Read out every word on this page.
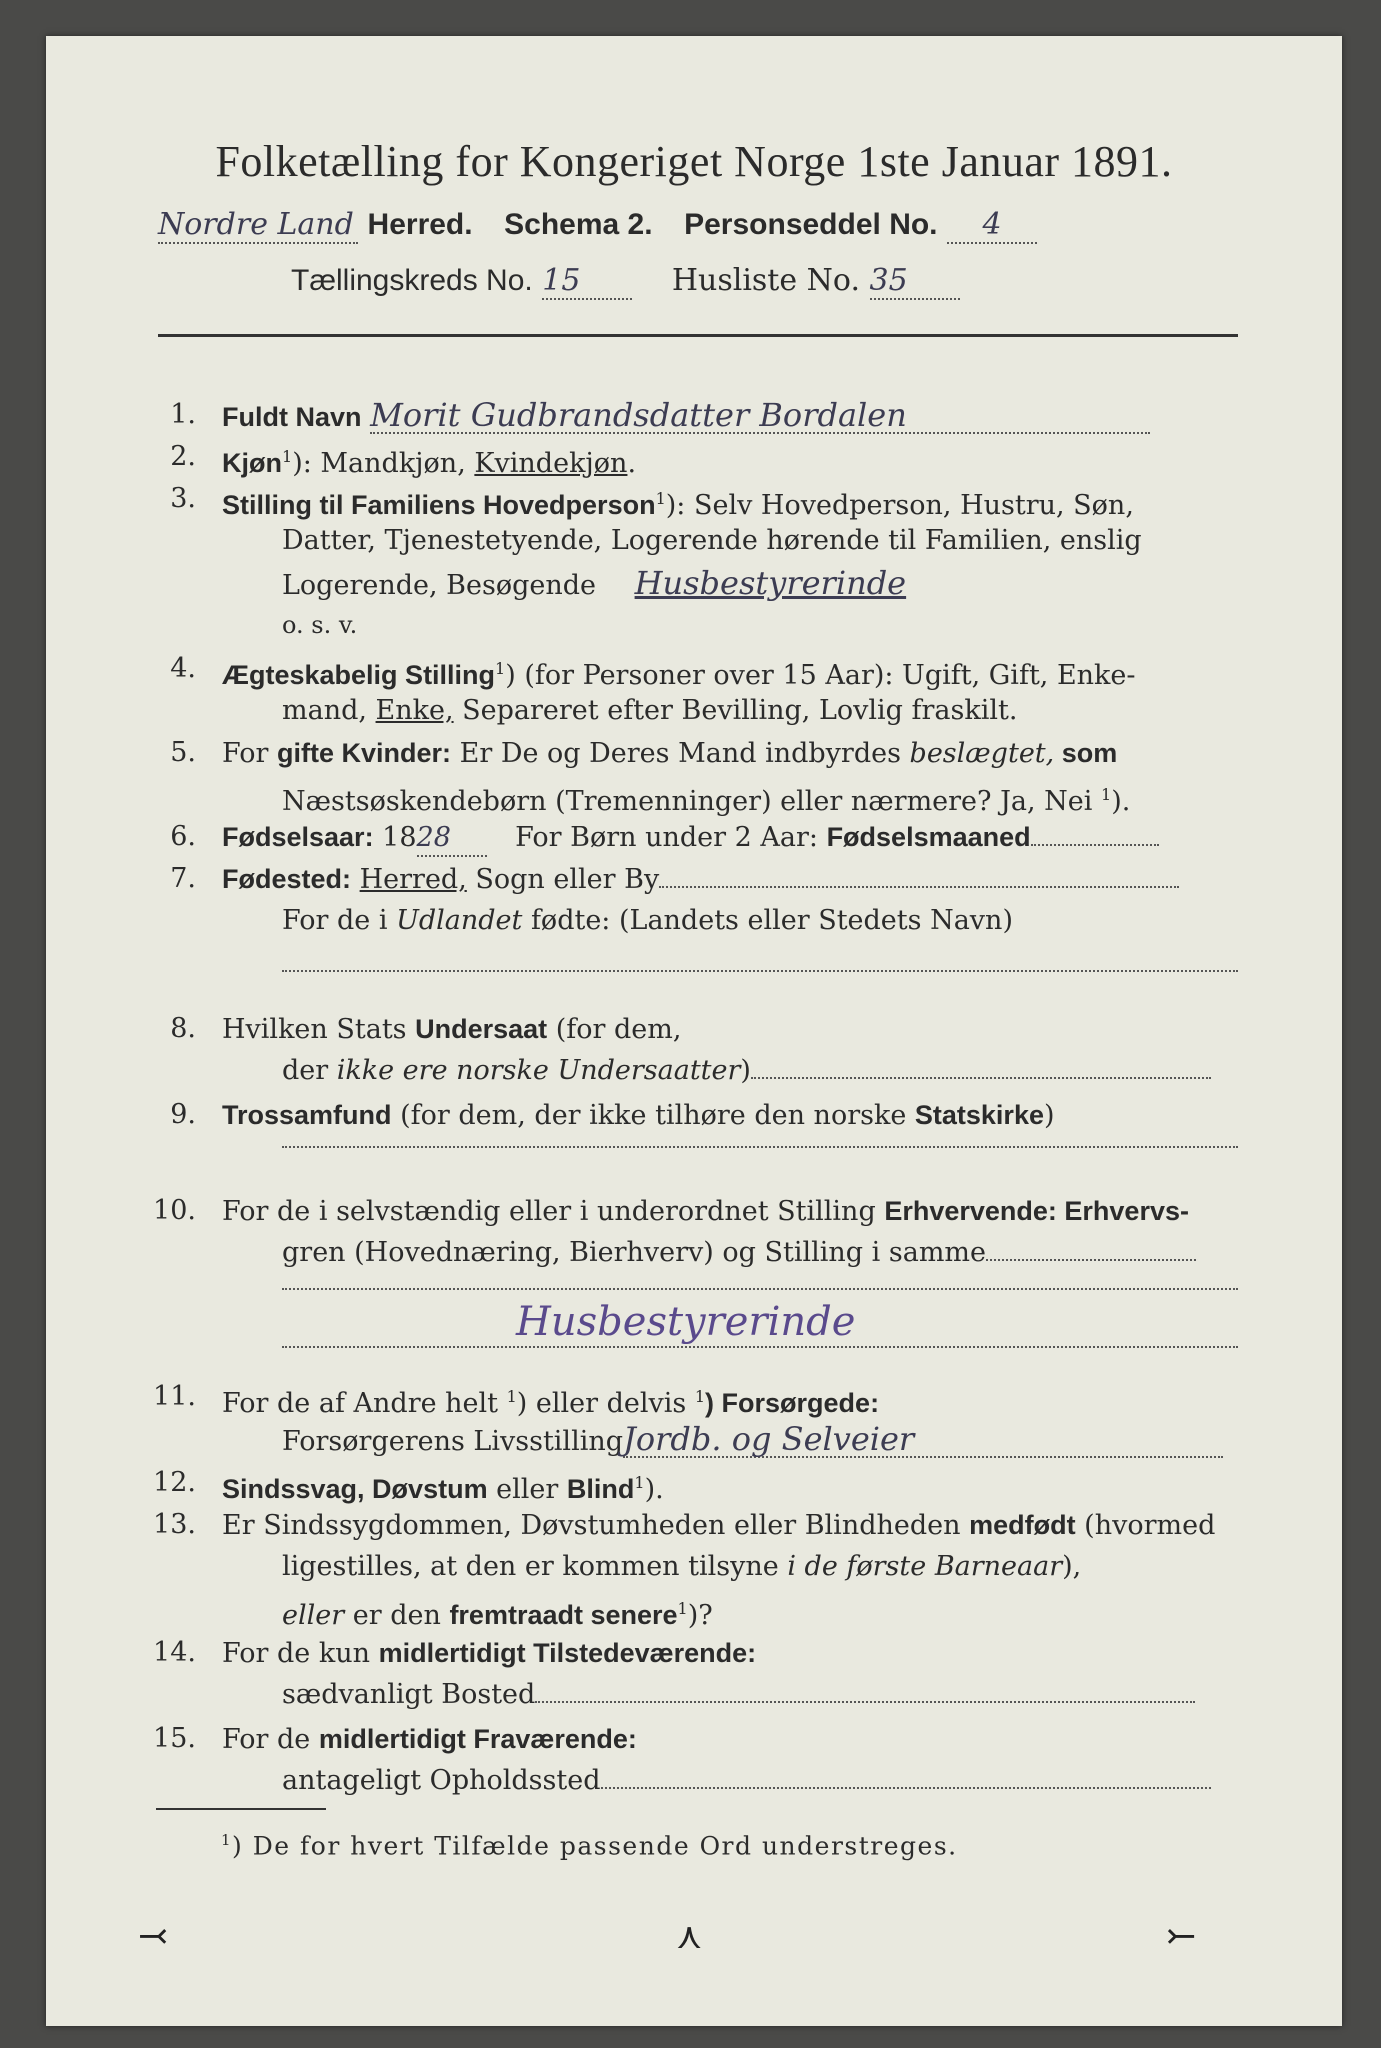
Folketælling for Kongeriget Norge 1ste Januar 1891.
Nordre Land Herred. Schema 2. Personseddel No. 4
Tællingskreds No. 15	Husliste No. 35
1. Fuldt Navn Morit Gudbrandsdatter Bordalen
2. Kjøn$^1$): Mandkjøn, Kvindekjøn.
3. Stilling til Familiens Hovedperson$^1$): Selv Hovedperson, Hustru, Søn,
Datter, Tjenestetyende, Logerende hørende til Familien, enslig
Logerende, Besøgende Husbestyrerinde
o. s. v.
4. Ægteskabelig Stilling$^1$) (for Personer over 15 Aar): Ugift, Gift, Enke-
mand, Enke, Separeret efter Bevilling, Lovlig fraskilt.
5. For gifte Kvinder: Er De og Deres Mand indbyrdes beslægtet, som
Næstsøskendebørn (Tremenninger) eller nærmere? Ja, Nei $^1$).
6. Fødselsaar: 1828 For Børn under 2 Aar: Fødselsmaaned
7. Fødested: Herred, Sogn eller By
For de i Udlandet fødte: (Landets eller Stedets Navn)
8. Hvilken Stats Undersaat (for dem,
der ikke ere norske Undersaatter)
9. Trossamfund (for dem, der ikke tilhøre den norske Statskirke)
10. For de i selvstændig eller i underordnet Stilling Erhvervende: Erhvervs-
gren (Hovednæring, Bierhverv) og Stilling i samme
Husbestyrerinde
11. For de af Andre helt $^1$) eller delvis $^1$) Forsørgede:
Forsørgerens LivsstillingJordb. og Selveier
12. Sindssvag, Døvstum eller Blind$^1$).
13. Er Sindssygdommen, Døvstumheden eller Blindheden medfødt (hvormed
ligestilles, at den er kommen tilsyne i de første Barneaar),
eller er den fremtraadt senere$^1$)?
14. For de kun midlertidigt Tilstedeværende:
sædvanligt Bosted
15. For de midlertidigt Fraværende:
antageligt Opholdssted
$^1$) De for hvert Tilfælde passende Ord understreges.
⤙	⋏	⤚
